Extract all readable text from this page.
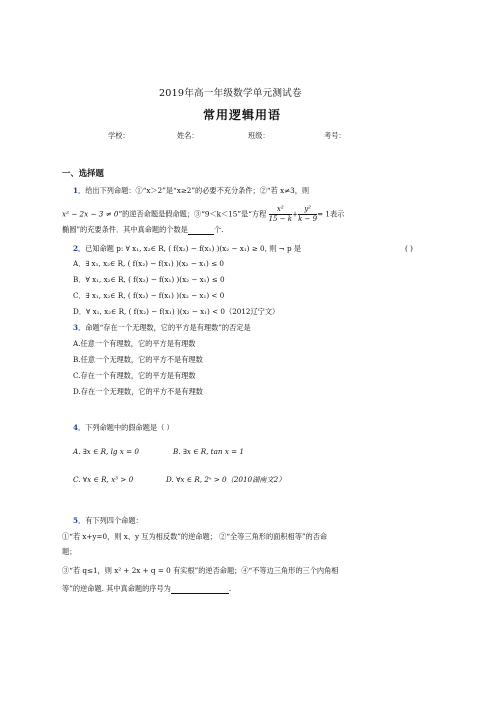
2019年高一年级数学单元测试卷
常用逻辑用语
学校：	姓名：	班级：	考号：
一、选择题
1．给出下列命题：①“x＞2”是“x≥2”的必要不充分条件；②“若 x≠3，则
x² − 2x − 3 ≠ 0”的逆否命题是假命题；③“9＜k＜15”是“方程 $\frac{\text{x²}}{15 - k} + \frac{\text{y²}}{k - 9} = 1$表示
椭圆”的充要条件．其中真命题的个数是	个.
2．已知命题 p: ∀ x₁, x₂∈ R, ( f(x₂) − f(x₁) )(x₂ − x₁) ≥ 0, 则 ¬ p 是	( )
A．∃ x₁, x₂∈ R, ( f(x₂) − f(x₁) )(x₂ − x₁) ≤ 0
B．∀ x₁, x₂∈ R, ( f(x₂) − f(x₁) )(x₂ − x₁) ≤ 0
C．∃ x₁, x₂∈ R, ( f(x₂) − f(x₁) )(x₂ − x₁) < 0
D．∀ x₁, x₂∈ R, ( f(x₂) − f(x₁) )(x₂ − x₁) < 0（2012辽宁文）
3．命题“存在一个无理数，它的平方是有理数”的否定是
A.任意一个有理数，它的平方是有理数
B.任意一个无理数，它的平方不是有理数
C.存在一个有理数，它的平方是有理数
D.存在一个无理数，它的平方不是有理数
4．下列命题中的假命题是（ ）
A. ∃x ∈ R, lg x = 0	B. ∃x ∈ R, tan x = 1
C. ∀x ∈ R, x³ > 0	D. ∀x ∈ R, 2ˣ > 0（2010湖南文2）
5．有下列四个命题：
①“若 x+y=0，则 x、y 互为相反数”的逆命题； ②“全等三角形的面积相等”的否命
题；
③“若 q≤1，则 x² + 2x + q = 0 有实根”的逆否命题；④“不等边三角形的三个内角相
等”的逆命题. 其中真命题的序号为	.
